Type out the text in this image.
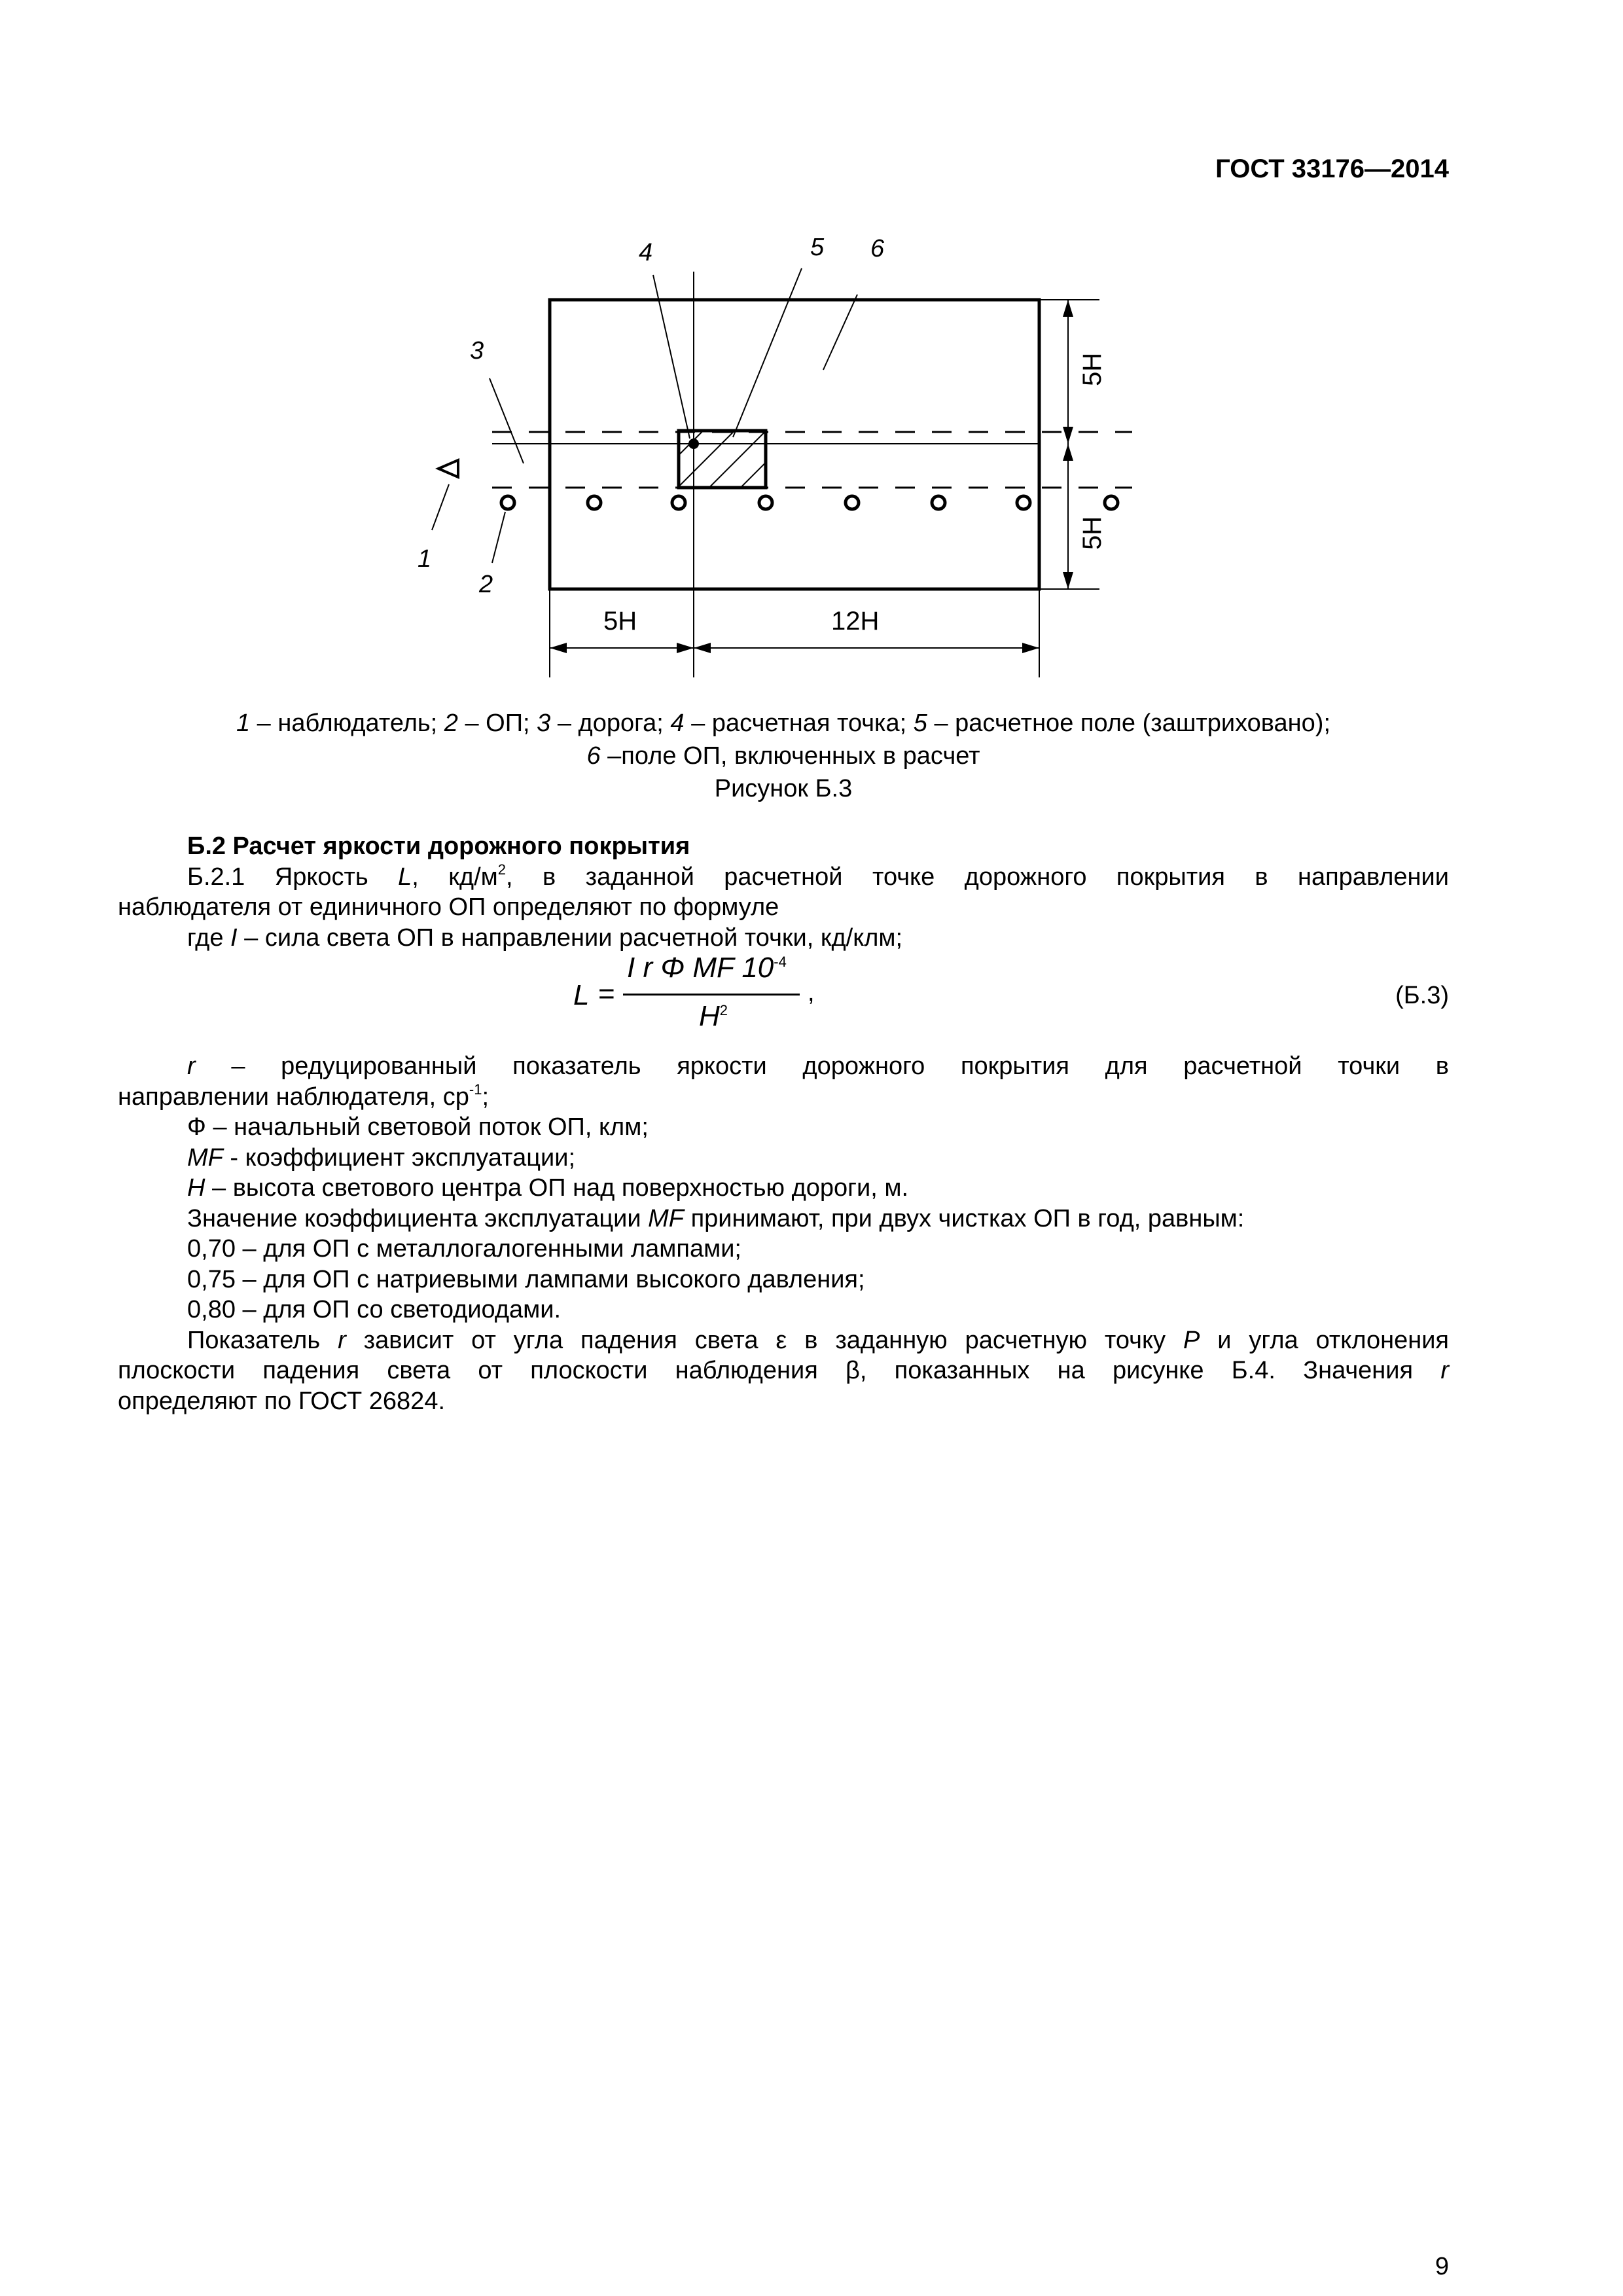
ГОСТ 33176—2014
1
2
3
4	5 6
5H	12H
5H
5H
1 – наблюдатель; 2 – ОП; 3 – дорога; 4 – расчетная точка; 5 – расчетное поле (заштриховано);
6 –поле ОП, включенных в расчет
Рисунок Б.3

Б.2 Расчет яркости дорожного покрытия

Б.2.1 Яркость L, $кд/м^2$, в заданной расчетной точке дорожного покрытия в направлении

наблюдателя от единичного ОП определяют по формуле

где I – сила света ОП в направлении расчетной точки, кд/клм;

L =
I r Φ MF $10^{-4}$
$H^2$
,	(Б.3)

r – редуцированный показатель яркости дорожного покрытия для расчетной точки в

направлении наблюдателя, $ср^{-1}$;

Ф – начальный световой поток ОП, клм;

MF - коэффициент эксплуатации;

H – высота светового центра ОП над поверхностью дороги, м.

Значение коэффициента эксплуатации MF принимают, при двух чистках ОП в год, равным:

0,70 – для ОП с металлогалогенными лампами;

0,75 – для ОП с натриевыми лампами высокого давления;

0,80 – для ОП со светодиодами.

Показатель r зависит от угла падения света ε в заданную расчетную точку P и угла отклонения

плоскости падения света от плоскости наблюдения β, показанных на рисунке Б.4. Значения r

определяют по ГОСТ 26824.

9
